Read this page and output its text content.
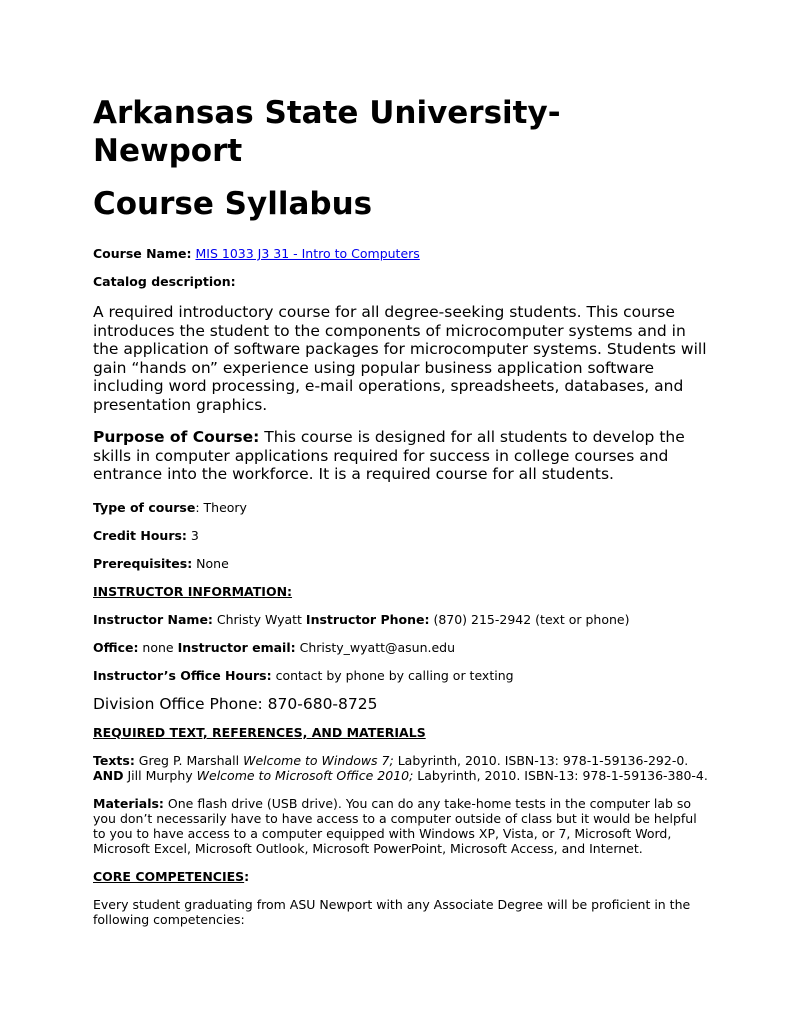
Arkansas State University-
Newport
Course Syllabus

Course Name: MIS 1033 J3 31 - Intro to Computers

Catalog description:

A required introductory course for all degree-seeking students. This course introduces the student to the components of microcomputer systems and in the application of software packages for microcomputer systems. Students will gain “hands on” experience using popular business application software including word processing, e-mail operations, spreadsheets, databases, and presentation graphics.

Purpose of Course: This course is designed for all students to develop the skills in computer applications required for success in college courses and entrance into the workforce. It is a required course for all students.

Type of course: Theory

Credit Hours: 3

Prerequisites: None

INSTRUCTOR INFORMATION:

Instructor Name: Christy Wyatt Instructor Phone: (870) 215-2942 (text or phone)

Office: none Instructor email: Christy_wyatt@asun.edu

Instructor’s Office Hours: contact by phone by calling or texting

Division Office Phone: 870-680-8725

REQUIRED TEXT, REFERENCES, AND MATERIALS

Texts: Greg P. Marshall Welcome to Windows 7; Labyrinth, 2010. ISBN-13: 978-1-59136-292-0.
AND Jill Murphy Welcome to Microsoft Office 2010; Labyrinth, 2010. ISBN-13: 978-1-59136-380-4.

Materials: One flash drive (USB drive). You can do any take-home tests in the computer lab so you don’t necessarily have to have access to a computer outside of class but it would be helpful to you to have access to a computer equipped with Windows XP, Vista, or 7, Microsoft Word, Microsoft Excel, Microsoft Outlook, Microsoft PowerPoint, Microsoft Access, and Internet.

CORE COMPETENCIES:

Every student graduating from ASU Newport with any Associate Degree will be proficient in the following competencies:
